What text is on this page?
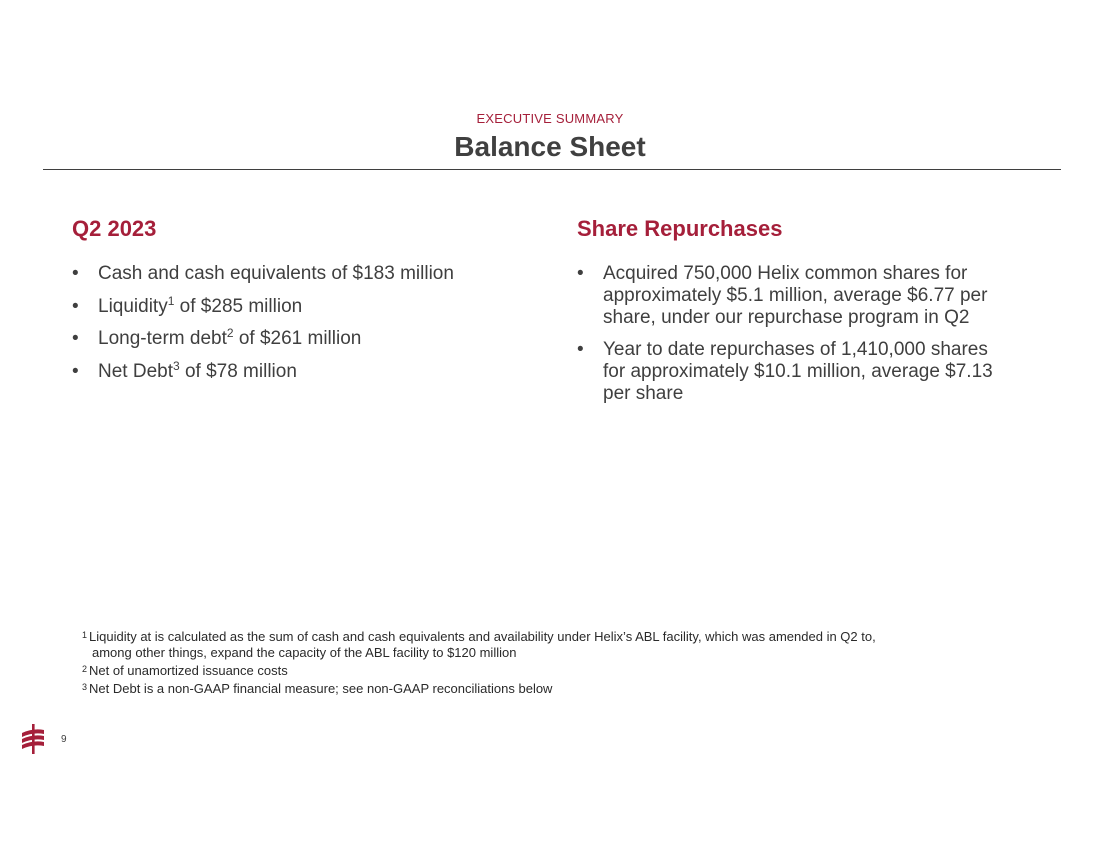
EXECUTIVE SUMMARY
Balance Sheet
Q2 2023
• Cash and cash equivalents of $183 million
• Liquidity$^1$ of $285 million
• Long-term debt$^2$ of $261 million
• Net Debt$^3$ of $78 million
Share Repurchases
• Acquired 750,000 Helix common shares for
approximately $5.1 million, average $6.77 per
share, under our repurchase program in Q2
• Year to date repurchases of 1,410,000 shares
for approximately $10.1 million, average $7.13
per share

$^1$ Liquidity at is calculated as the sum of cash and cash equivalents and availability under Helix’s ABL facility, which was amended in Q2 to,
among other things, expand the capacity of the ABL facility to $120 million

$^2$ Net of unamortized issuance costs

$^3$ Net Debt is a non-GAAP financial measure; see non-GAAP reconciliations below

9
